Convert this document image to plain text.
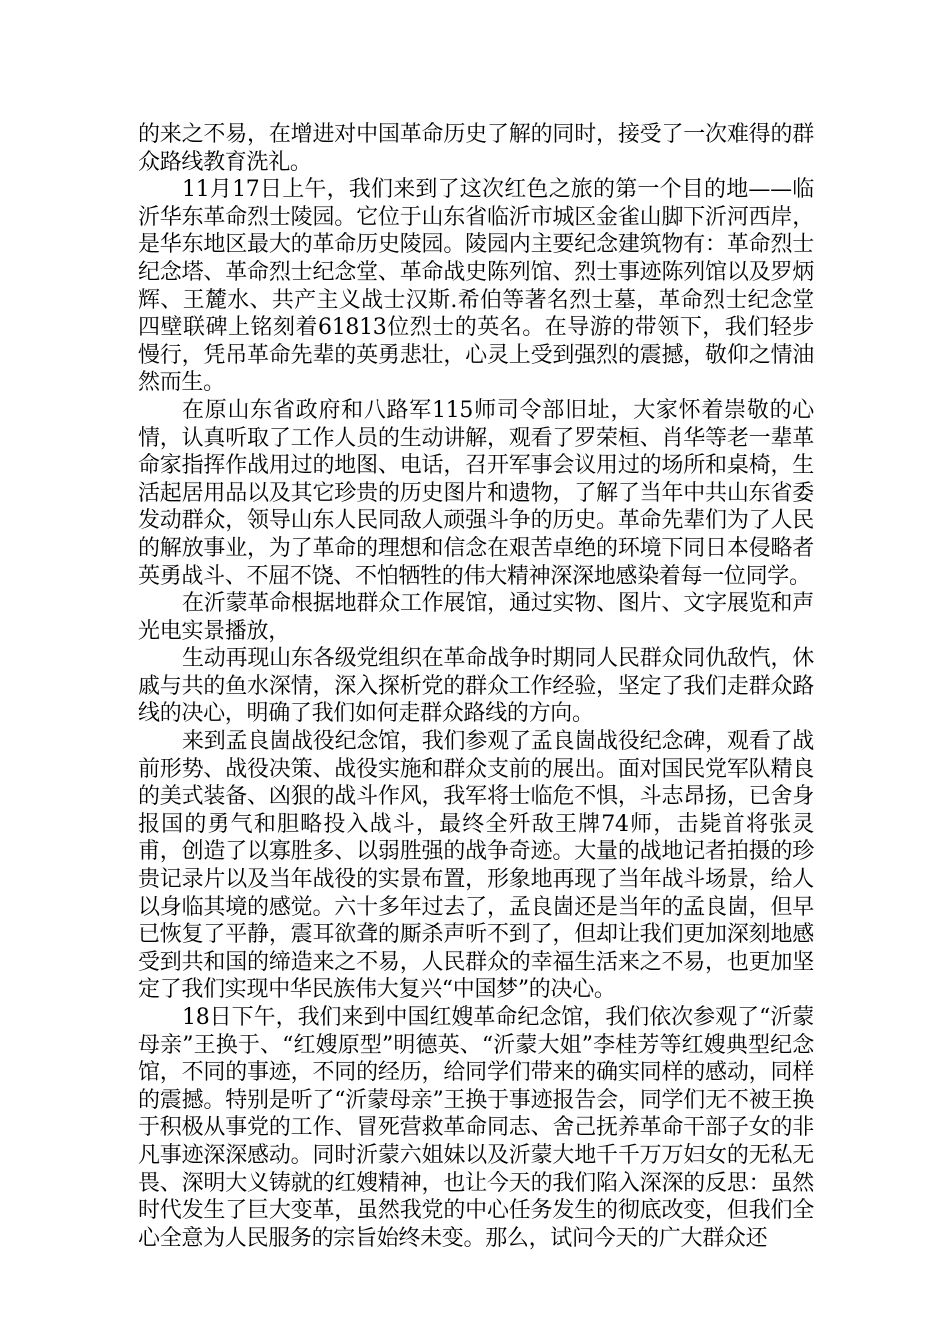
的来之不易，在增进对中国革命历史了解的同时，接受了一次难得的群众路线教育洗礼。

11月17日上午，我们来到了这次红色之旅的第一个目的地——临沂华东革命烈士陵园。它位于山东省临沂市城区金雀山脚下沂河西岸，是华东地区最大的革命历史陵园。陵园内主要纪念建筑物有：革命烈士纪念塔、革命烈士纪念堂、革命战史陈列馆、烈士事迹陈列馆以及罗炳辉、王麓水、共产主义战士汉斯.希伯等著名烈士墓，革命烈士纪念堂四壁联碑上铭刻着61813位烈士的英名。在导游的带领下，我们轻步慢行，凭吊革命先辈的英勇悲壮，心灵上受到强烈的震撼，敬仰之情油然而生。

在原山东省政府和八路军115师司令部旧址，大家怀着崇敬的心情，认真听取了工作人员的生动讲解，观看了罗荣桓、肖华等老一辈革命家指挥作战用过的地图、电话，召开军事会议用过的场所和桌椅，生活起居用品以及其它珍贵的历史图片和遗物，了解了当年中共山东省委发动群众，领导山东人民同敌人顽强斗争的历史。革命先辈们为了人民的解放事业，为了革命的理想和信念在艰苦卓绝的环境下同日本侵略者英勇战斗、不屈不饶、不怕牺牲的伟大精神深深地感染着每一位同学。

在沂蒙革命根据地群众工作展馆，通过实物、图片、文字展览和声光电实景播放，

生动再现山东各级党组织在革命战争时期同人民群众同仇敌忾，休戚与共的鱼水深情，深入探析党的群众工作经验，坚定了我们走群众路线的决心，明确了我们如何走群众路线的方向。

来到孟良崮战役纪念馆，我们参观了孟良崮战役纪念碑，观看了战前形势、战役决策、战役实施和群众支前的展出。面对国民党军队精良的美式装备、凶狠的战斗作风，我军将士临危不惧，斗志昂扬，已舍身报国的勇气和胆略投入战斗，最终全歼敌王牌74师，击毙首将张灵甫，创造了以寡胜多、以弱胜强的战争奇迹。大量的战地记者拍摄的珍贵记录片以及当年战役的实景布置，形象地再现了当年战斗场景，给人以身临其境的感觉。六十多年过去了，孟良崮还是当年的孟良崮，但早已恢复了平静，震耳欲聋的厮杀声听不到了，但却让我们更加深刻地感受到共和国的缔造来之不易，人民群众的幸福生活来之不易，也更加坚定了我们实现中华民族伟大复兴“中国梦”的决心。

18日下午，我们来到中国红嫂革命纪念馆，我们依次参观了“沂蒙母亲”王换于、“红嫂原型”明德英、“沂蒙大姐”李桂芳等红嫂典型纪念馆，不同的事迹，不同的经历，给同学们带来的确实同样的感动，同样的震撼。特别是听了“沂蒙母亲”王换于事迹报告会，同学们无不被王换于积极从事党的工作、冒死营救革命同志、舍己抚养革命干部子女的非凡事迹深深感动。同时沂蒙六姐妹以及沂蒙大地千千万万妇女的无私无畏、深明大义铸就的红嫂精神，也让今天的我们陷入深深的反思：虽然时代发生了巨大变革，虽然我党的中心任务发生的彻底改变，但我们全心全意为人民服务的宗旨始终未变。那么，试问今天的广大群众还
